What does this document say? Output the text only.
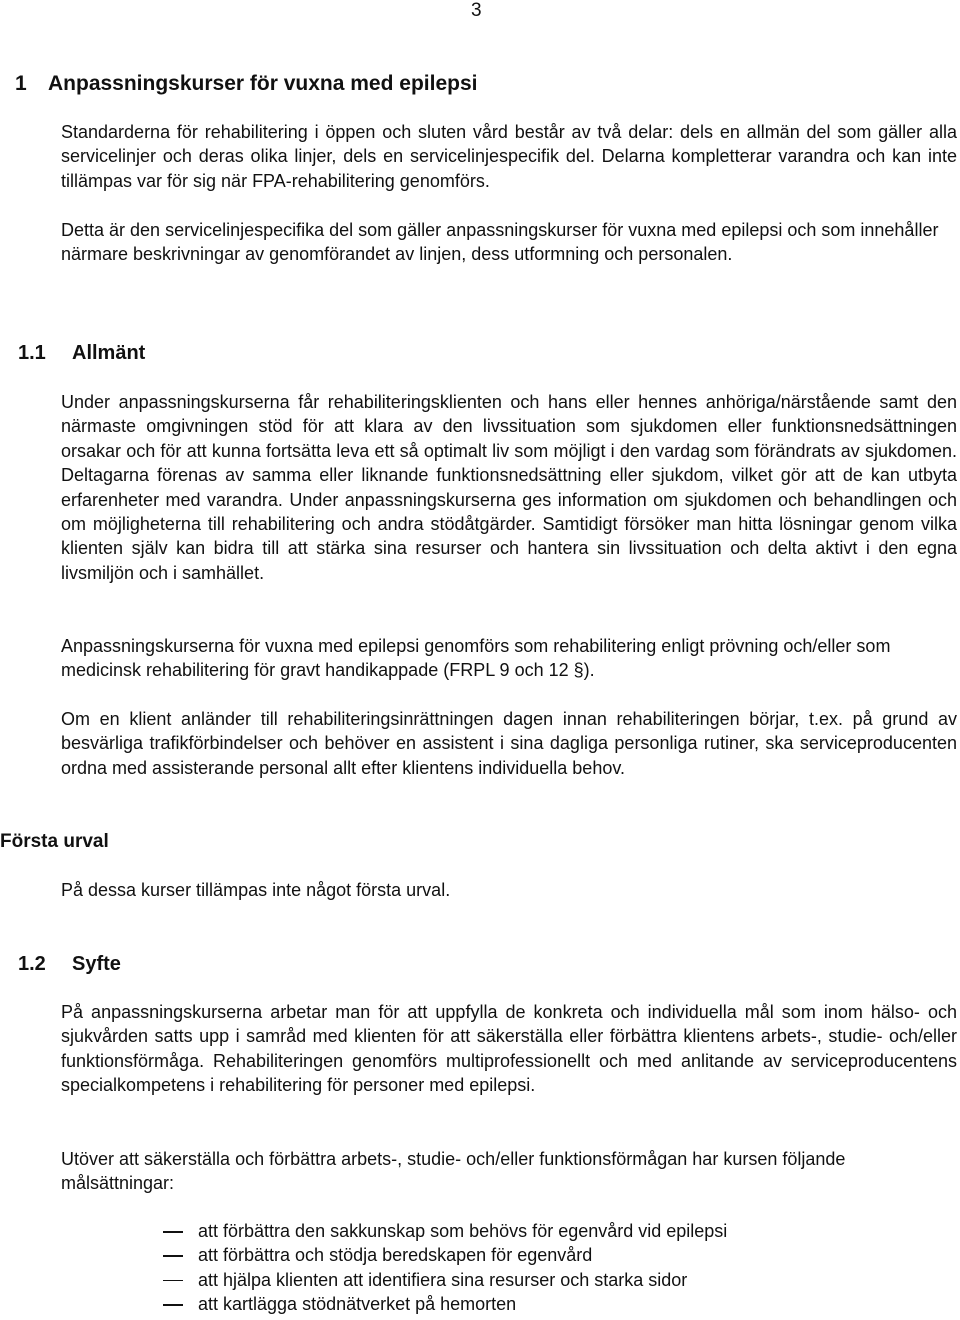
3
1 Anpassningskurser för vuxna med epilepsi

Standarderna för rehabilitering i öppen och sluten vård består av två delar: dels en allmän del som gäller alla servicelinjer och deras olika linjer, dels en servicelinjespecifik del. Delarna kompletterar varandra och kan inte tillämpas var för sig när FPA-rehabilitering genomförs.

Detta är den servicelinjespecifika del som gäller anpassningskurser för vuxna med epilepsi och som innehåller närmare beskrivningar av genomförandet av linjen, dess utformning och personalen.

1.1 Allmänt

Under anpassningskurserna får rehabiliteringsklienten och hans eller hennes anhöriga/närstående samt den närmaste omgivningen stöd för att klara av den livssituation som sjukdomen eller funktionsnedsättningen orsakar och för att kunna fortsätta leva ett så optimalt liv som möjligt i den vardag som förändrats av sjukdomen. Deltagarna förenas av samma eller liknande funktionsnedsättning eller sjukdom, vilket gör att de kan utbyta erfarenheter med varandra. Under anpassningskurserna ges information om sjukdomen och behandlingen och om möjligheterna till rehabilitering och andra stödåtgärder. Samtidigt försöker man hitta lösningar genom vilka klienten själv kan bidra till att stärka sina resurser och hantera sin livssituation och delta aktivt i den egna livsmiljön och i samhället.

Anpassningskurserna för vuxna med epilepsi genomförs som rehabilitering enligt prövning och/eller som medicinsk rehabilitering för gravt handikappade (FRPL 9 och 12 §).

Om en klient anländer till rehabiliteringsinrättningen dagen innan rehabiliteringen börjar, t.ex. på grund av besvärliga trafikförbindelser och behöver en assistent i sina dagliga personliga rutiner, ska serviceproducenten ordna med assisterande personal allt efter klientens individuella behov.

Första urval

På dessa kurser tillämpas inte något första urval.

1.2 Syfte

På anpassningskurserna arbetar man för att uppfylla de konkreta och individuella mål som inom hälso- och sjukvården satts upp i samråd med klienten för att säkerställa eller förbättra klientens arbets-, studie- och/eller funktionsförmåga. Rehabiliteringen genomförs multiprofessionellt och med anlitande av serviceproducentens specialkompetens i rehabilitering för personer med epilepsi.

Utöver att säkerställa och förbättra arbets-, studie- och/eller funktionsförmågan har kursen följande målsättningar:

att förbättra den sakkunskap som behövs för egenvård vid epilepsi
att förbättra och stödja beredskapen för egenvård
att hjälpa klienten att identifiera sina resurser och starka sidor
att kartlägga stödnätverket på hemorten
